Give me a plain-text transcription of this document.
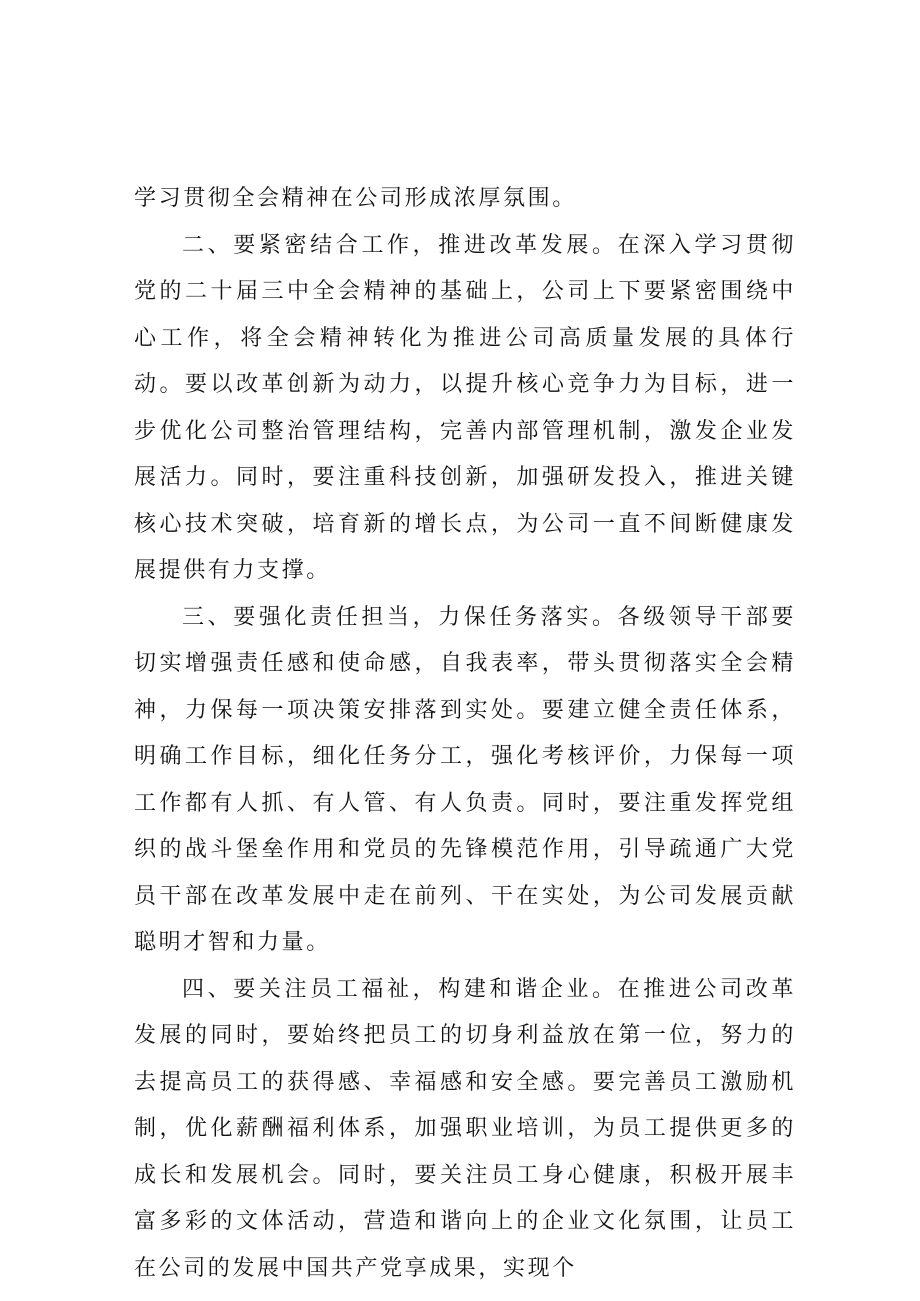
学习贯彻全会精神在公司形成浓厚氛围。

二、要紧密结合工作，推进改革发展。在深入学习贯彻党的二十届三中全会精神的基础上，公司上下要紧密围绕中心工作，将全会精神转化为推进公司高质量发展的具体行动。要以改革创新为动力，以提升核心竞争力为目标，进一步优化公司整治管理结构，完善内部管理机制，激发企业发展活力。同时，要注重科技创新，加强研发投入，推进关键核心技术突破，培育新的增长点，为公司一直不间断健康发展提供有力支撑。

三、要强化责任担当，力保任务落实。各级领导干部要切实增强责任感和使命感，自我表率，带头贯彻落实全会精神，力保每一项决策安排落到实处。要建立健全责任体系，明确工作目标，细化任务分工，强化考核评价，力保每一项工作都有人抓、有人管、有人负责。同时，要注重发挥党组织的战斗堡垒作用和党员的先锋模范作用，引导疏通广大党员干部在改革发展中走在前列、干在实处，为公司发展贡献聪明才智和力量。

四、要关注员工福祉，构建和谐企业。在推进公司改革发展的同时，要始终把员工的切身利益放在第一位，努力的去提高员工的获得感、幸福感和安全感。要完善员工激励机制，优化薪酬福利体系，加强职业培训，为员工提供更多的成长和发展机会。同时，要关注员工身心健康，积极开展丰富多彩的文体活动，营造和谐向上的企业文化氛围，让员工在公司的发展中国共产党享成果，实现个
